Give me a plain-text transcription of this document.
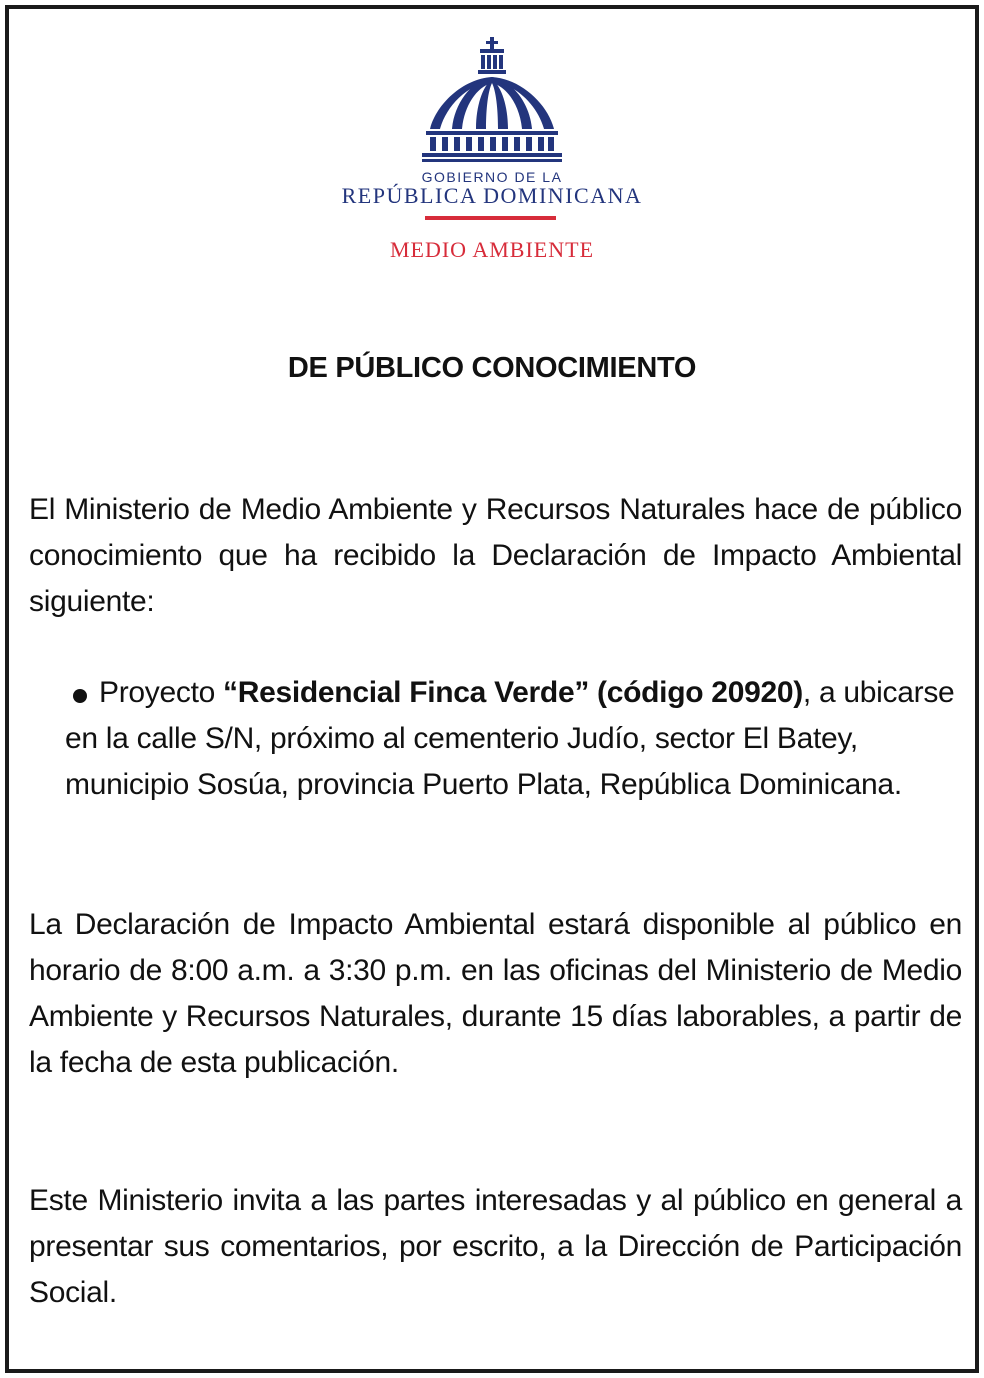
GOBIERNO DE LA
REPÚBLICA DOMINICANA
MEDIO AMBIENTE
DE PÚBLICO CONOCIMIENTO
El Ministerio de Medio Ambiente y Recursos Naturales hace de público conocimiento que ha recibido la Declaración de Impacto Ambiental siguiente:
Proyecto “Residencial Finca Verde” (código 20920), a ubicarse en la calle S/N, próximo al cementerio Judío, sector El Batey, municipio Sosúa, provincia Puerto Plata, República Dominicana.
La Declaración de Impacto Ambiental estará disponible al público en horario de 8:00 a.m. a 3:30 p.m. en las oficinas del Ministerio de Medio Ambiente y Recursos Naturales, durante 15 días laborables, a partir de la fecha de esta publicación.
Este Ministerio invita a las partes interesadas y al público en general a presentar sus comentarios, por escrito, a la Dirección de Participación Social.
